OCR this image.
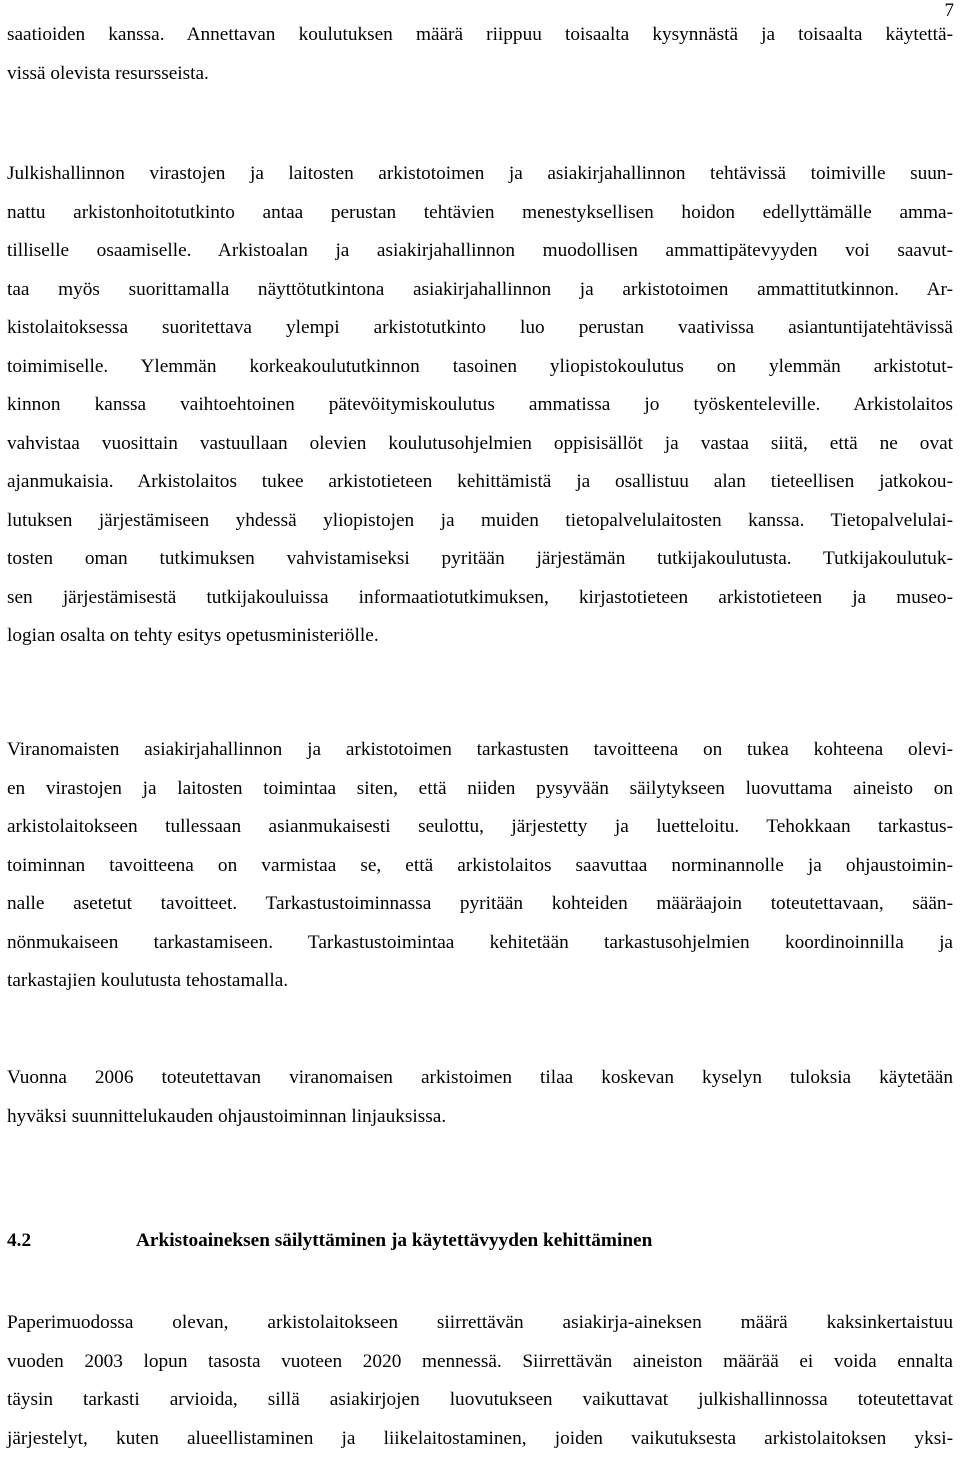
7
saatioiden kanssa. Annettavan koulutuksen määrä riippuu toisaalta kysynnästä ja toisaalta käytettä-
vissä olevista resursseista.
Julkishallinnon virastojen ja laitosten arkistotoimen ja asiakirjahallinnon tehtävissä toimiville suun-
nattu arkistonhoitotutkinto antaa perustan tehtävien menestyksellisen hoidon edellyttämälle amma-
tilliselle osaamiselle. Arkistoalan ja asiakirjahallinnon muodollisen ammattipätevyyden voi saavut-
taa myös suorittamalla näyttötutkintona asiakirjahallinnon ja arkistotoimen ammattitutkinnon. Ar-
kistolaitoksessa suoritettava ylempi arkistotutkinto luo perustan vaativissa asiantuntijatehtävissä
toimimiselle. Ylemmän korkeakoulututkinnon tasoinen yliopistokoulutus on ylemmän arkistotut-
kinnon kanssa vaihtoehtoinen pätevöitymiskoulutus ammatissa jo työskenteleville. Arkistolaitos
vahvistaa vuosittain vastuullaan olevien koulutusohjelmien oppisisällöt ja vastaa siitä, että ne ovat
ajanmukaisia. Arkistolaitos tukee arkistotieteen kehittämistä ja osallistuu alan tieteellisen jatkokou-
lutuksen järjestämiseen yhdessä yliopistojen ja muiden tietopalvelulaitosten kanssa. Tietopalvelulai-
tosten oman tutkimuksen vahvistamiseksi pyritään järjestämän tutkijakoulutusta. Tutkijakoulutuk-
sen järjestämisestä tutkijakouluissa informaatiotutkimuksen, kirjastotieteen arkistotieteen ja museo-
logian osalta on tehty esitys opetusministeriölle.
Viranomaisten asiakirjahallinnon ja arkistotoimen tarkastusten tavoitteena on tukea kohteena olevi-
en virastojen ja laitosten toimintaa siten, että niiden pysyvään säilytykseen luovuttama aineisto on
arkistolaitokseen tullessaan asianmukaisesti seulottu, järjestetty ja luetteloitu. Tehokkaan tarkastus-
toiminnan tavoitteena on varmistaa se, että arkistolaitos saavuttaa norminannolle ja ohjaustoimin-
nalle asetetut tavoitteet. Tarkastustoiminnassa pyritään kohteiden määräajoin toteutettavaan, sään-
nönmukaiseen tarkastamiseen. Tarkastustoimintaa kehitetään tarkastusohjelmien koordinoinnilla ja
tarkastajien koulutusta tehostamalla.
Vuonna 2006 toteutettavan viranomaisen arkistoimen tilaa koskevan kyselyn tuloksia käytetään
hyväksi suunnittelukauden ohjaustoiminnan linjauksissa.
4.2	Arkistoaineksen säilyttäminen ja käytettävyyden kehittäminen
Paperimuodossa olevan, arkistolaitokseen siirrettävän asiakirja-aineksen määrä kaksinkertaistuu
vuoden 2003 lopun tasosta vuoteen 2020 mennessä. Siirrettävän aineiston määrää ei voida ennalta
täysin tarkasti arvioida, sillä asiakirjojen luovutukseen vaikuttavat julkishallinnossa toteutettavat
järjestelyt, kuten alueellistaminen ja liikelaitostaminen, joiden vaikutuksesta arkistolaitoksen yksi-
